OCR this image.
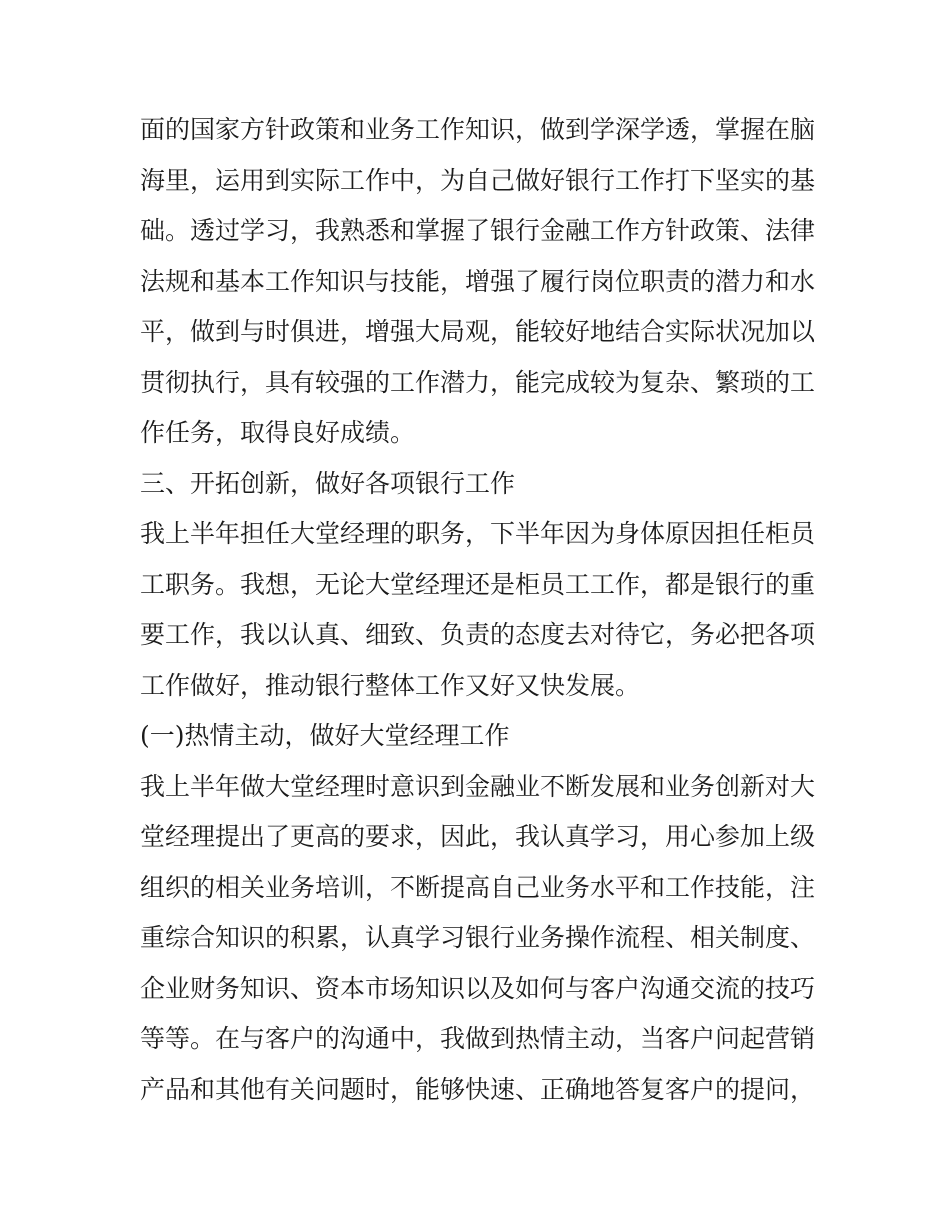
面的国家方针政策和业务工作知识，做到学深学透，掌握在脑
海里，运用到实际工作中，为自己做好银行工作打下坚实的基
础。透过学习，我熟悉和掌握了银行金融工作方针政策、法律
法规和基本工作知识与技能，增强了履行岗位职责的潜力和水
平，做到与时俱进，增强大局观，能较好地结合实际状况加以
贯彻执行，具有较强的工作潜力，能完成较为复杂、繁琐的工
作任务，取得良好成绩。
三、开拓创新，做好各项银行工作
我上半年担任大堂经理的职务，下半年因为身体原因担任柜员
工职务。我想，无论大堂经理还是柜员工工作，都是银行的重
要工作，我以认真、细致、负责的态度去对待它，务必把各项
工作做好，推动银行整体工作又好又快发展。
(一)热情主动，做好大堂经理工作
我上半年做大堂经理时意识到金融业不断发展和业务创新对大
堂经理提出了更高的要求，因此，我认真学习，用心参加上级
组织的相关业务培训，不断提高自己业务水平和工作技能，注
重综合知识的积累，认真学习银行业务操作流程、相关制度、
企业财务知识、资本市场知识以及如何与客户沟通交流的技巧
等等。在与客户的沟通中，我做到热情主动，当客户问起营销
产品和其他有关问题时，能够快速、正确地答复客户的提问，
